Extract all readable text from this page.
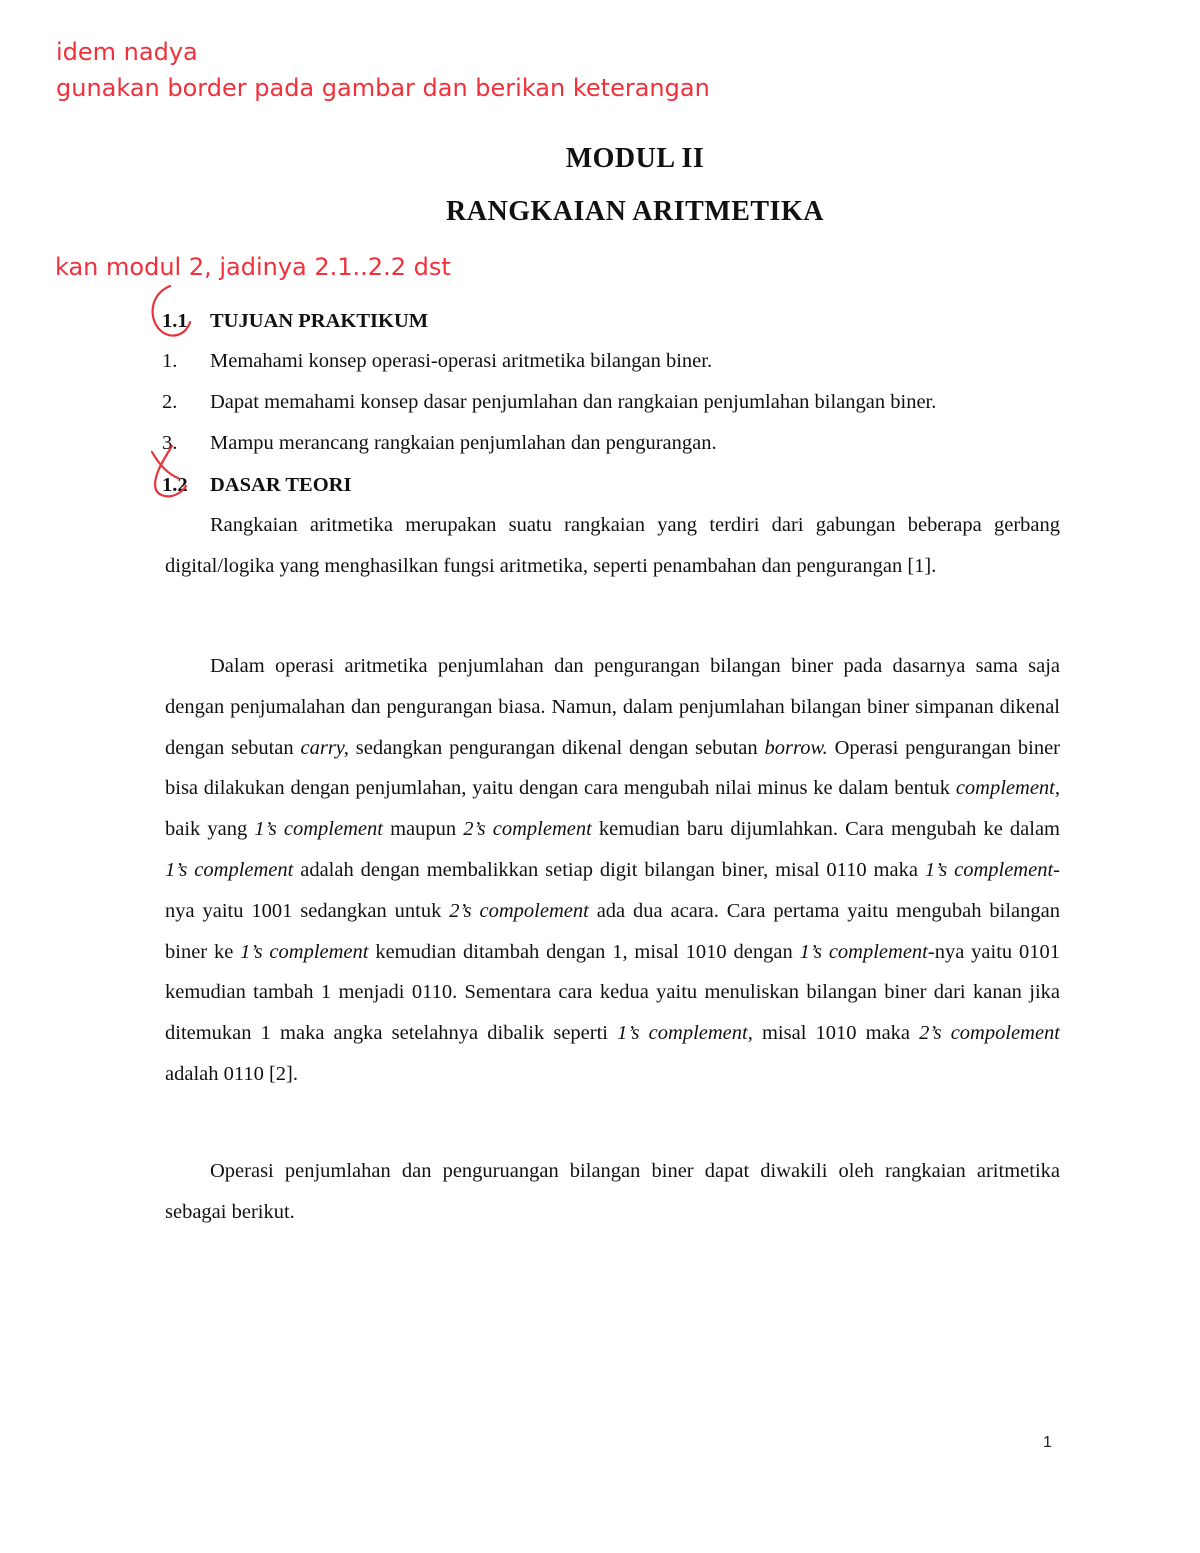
idem nadya
gunakan border pada gambar dan berikan keterangan
MODUL II
RANGKAIAN ARITMETIKA
kan modul 2, jadinya 2.1..2.2 dst
1.1 TUJUAN PRAKTIKUM
1. Memahami konsep operasi-operasi aritmetika bilangan biner.
2. Dapat memahami konsep dasar penjumlahan dan rangkaian penjumlahan bilangan biner.
3. Mampu merancang rangkaian penjumlahan dan pengurangan.
1.2 DASAR TEORI

Rangkaian aritmetika merupakan suatu rangkaian yang terdiri dari gabungan beberapa gerbang digital/logika yang menghasilkan fungsi aritmetika, seperti penambahan dan pengurangan [1].

Dalam operasi aritmetika penjumlahan dan pengurangan bilangan biner pada dasarnya sama saja dengan penjumalahan dan pengurangan biasa. Namun, dalam penjumlahan bilangan biner simpanan dikenal dengan sebutan carry, sedangkan pengurangan dikenal dengan sebutan borrow. Operasi pengurangan biner bisa dilakukan dengan penjumlahan, yaitu dengan cara mengubah nilai minus ke dalam bentuk complement, baik yang 1’s complement maupun 2’s complement kemudian baru dijumlahkan. Cara mengubah ke dalam 1’s complement adalah dengan membalikkan setiap digit bilangan biner, misal 0110 maka 1’s complement-nya yaitu 1001 sedangkan untuk 2’s compolement ada dua acara. Cara pertama yaitu mengubah bilangan biner ke 1’s complement kemudian ditambah dengan 1, misal 1010 dengan 1’s complement-nya yaitu 0101 kemudian tambah 1 menjadi 0110. Sementara cara kedua yaitu menuliskan bilangan biner dari kanan jika ditemukan 1 maka angka setelahnya dibalik seperti 1’s complement, misal 1010 maka 2’s compolement adalah 0110 [2].

Operasi penjumlahan dan penguruangan bilangan biner dapat diwakili oleh rangkaian aritmetika sebagai berikut.

1
